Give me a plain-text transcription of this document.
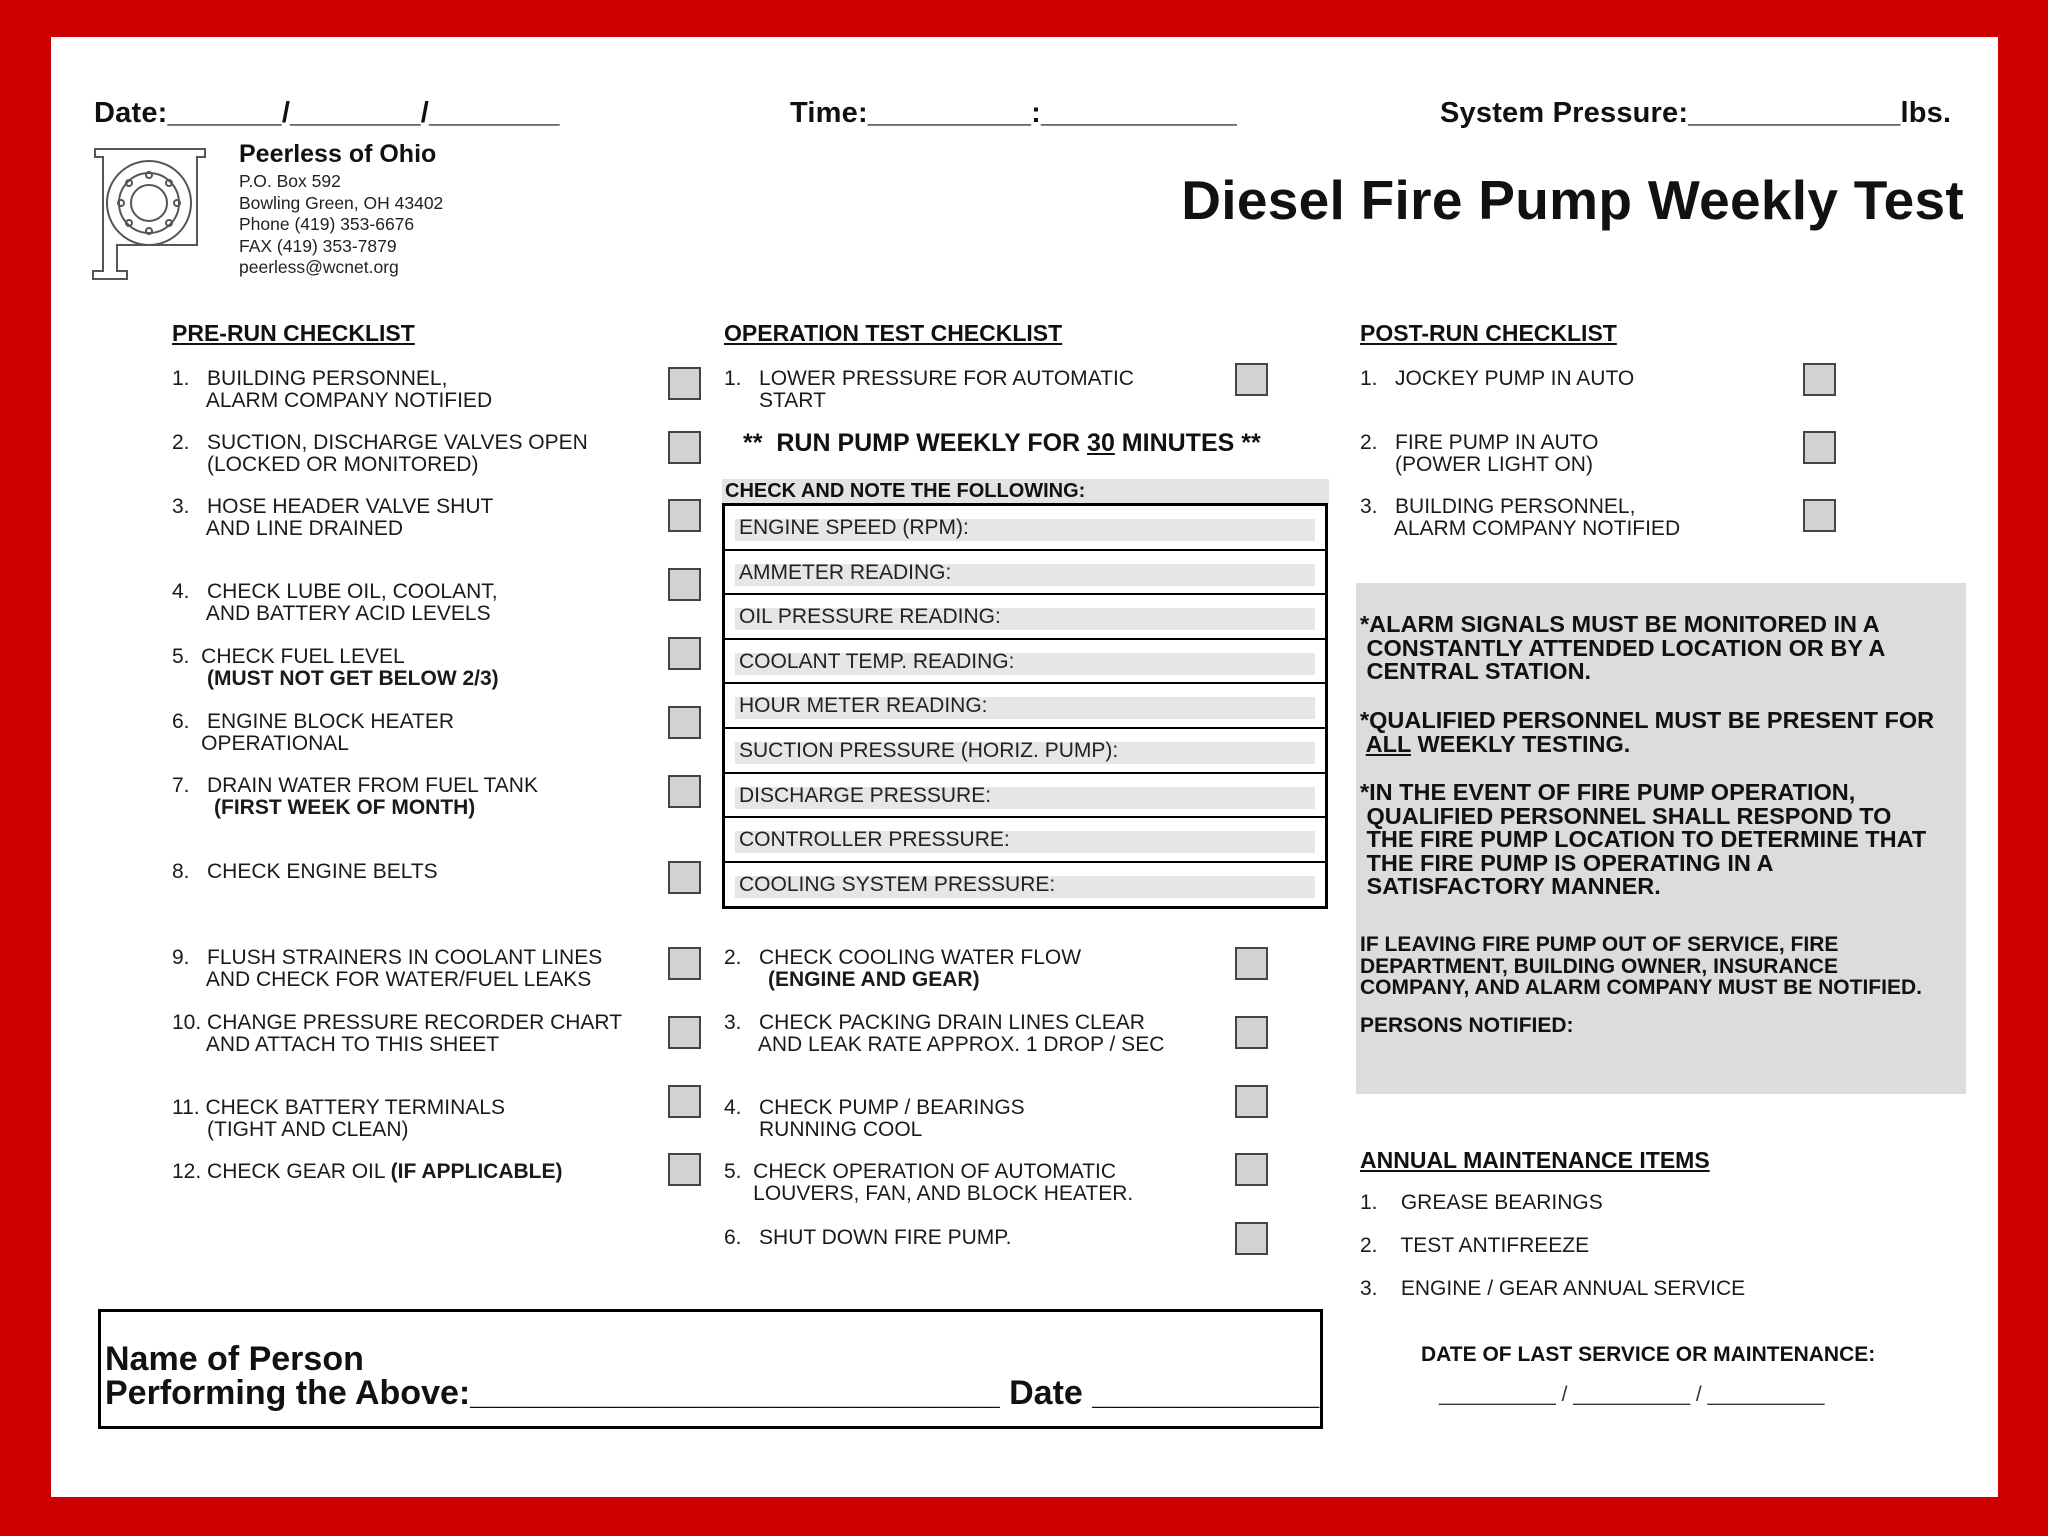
Date:_______/________/________	Time:__________:____________	System Pressure:_____________lbs.
Peerless of Ohio
P.O. Box 592
Bowling Green, OH 43402
Phone (419) 353-6676
FAX (419) 353-7879
peerless@wcnet.org
Diesel Fire Pump Weekly Test
PRE-RUN CHECKLIST
1.   BUILDING PERSONNEL,
ALARM COMPANY NOTIFIED
2.   SUCTION, DISCHARGE VALVES OPEN
(LOCKED OR MONITORED)
3.   HOSE HEADER VALVE SHUT
AND LINE DRAINED
4.   CHECK LUBE OIL, COOLANT,
AND BATTERY ACID LEVELS
5.  CHECK FUEL LEVEL
(MUST NOT GET BELOW 2/3)
6.   ENGINE BLOCK HEATER
OPERATIONAL
7.   DRAIN WATER FROM FUEL TANK
(FIRST WEEK OF MONTH)
8.   CHECK ENGINE BELTS
9.   FLUSH STRAINERS IN COOLANT LINES
AND CHECK FOR WATER/FUEL LEAKS
10. CHANGE PRESSURE RECORDER CHART
AND ATTACH TO THIS SHEET
11. CHECK BATTERY TERMINALS
(TIGHT AND CLEAN)
12. CHECK GEAR OIL (IF APPLICABLE)
OPERATION TEST CHECKLIST
1.   LOWER PRESSURE FOR AUTOMATIC
START
**  RUN PUMP WEEKLY FOR 30 MINUTES **
CHECK AND NOTE THE FOLLOWING:
ENGINE SPEED (RPM):
AMMETER READING:
OIL PRESSURE READING:
COOLANT TEMP. READING:
HOUR METER READING:
SUCTION PRESSURE (HORIZ. PUMP):
DISCHARGE PRESSURE:
CONTROLLER PRESSURE:
COOLING SYSTEM PRESSURE:
2.   CHECK COOLING WATER FLOW
(ENGINE AND GEAR)
3.   CHECK PACKING DRAIN LINES CLEAR
AND LEAK RATE APPROX. 1 DROP / SEC
4.   CHECK PUMP / BEARINGS
RUNNING COOL
5.  CHECK OPERATION OF AUTOMATIC
LOUVERS, FAN, AND BLOCK HEATER.
6.   SHUT DOWN FIRE PUMP.
POST-RUN CHECKLIST
1.   JOCKEY PUMP IN AUTO
2.   FIRE PUMP IN AUTO
(POWER LIGHT ON)
3.   BUILDING PERSONNEL,
ALARM COMPANY NOTIFIED
*ALARM SIGNALS MUST BE MONITORED IN A
CONSTANTLY ATTENDED LOCATION OR BY A
CENTRAL STATION.
*QUALIFIED PERSONNEL MUST BE PRESENT FOR
ALL WEEKLY TESTING.
*IN THE EVENT OF FIRE PUMP OPERATION,
QUALIFIED PERSONNEL SHALL RESPOND TO
THE FIRE PUMP LOCATION TO DETERMINE THAT
THE FIRE PUMP IS OPERATING IN A
SATISFACTORY MANNER.
IF LEAVING FIRE PUMP OUT OF SERVICE, FIRE
DEPARTMENT, BUILDING OWNER, INSURANCE
COMPANY, AND ALARM COMPANY MUST BE NOTIFIED.
PERSONS NOTIFIED:
ANNUAL MAINTENANCE ITEMS
1.    GREASE BEARINGS
2.    TEST ANTIFREEZE
3.    ENGINE / GEAR ANNUAL SERVICE
DATE OF LAST SERVICE OR MAINTENANCE:
__________ / __________ / __________
Name of Person
Performing the Above:____________________________ Date ____________
